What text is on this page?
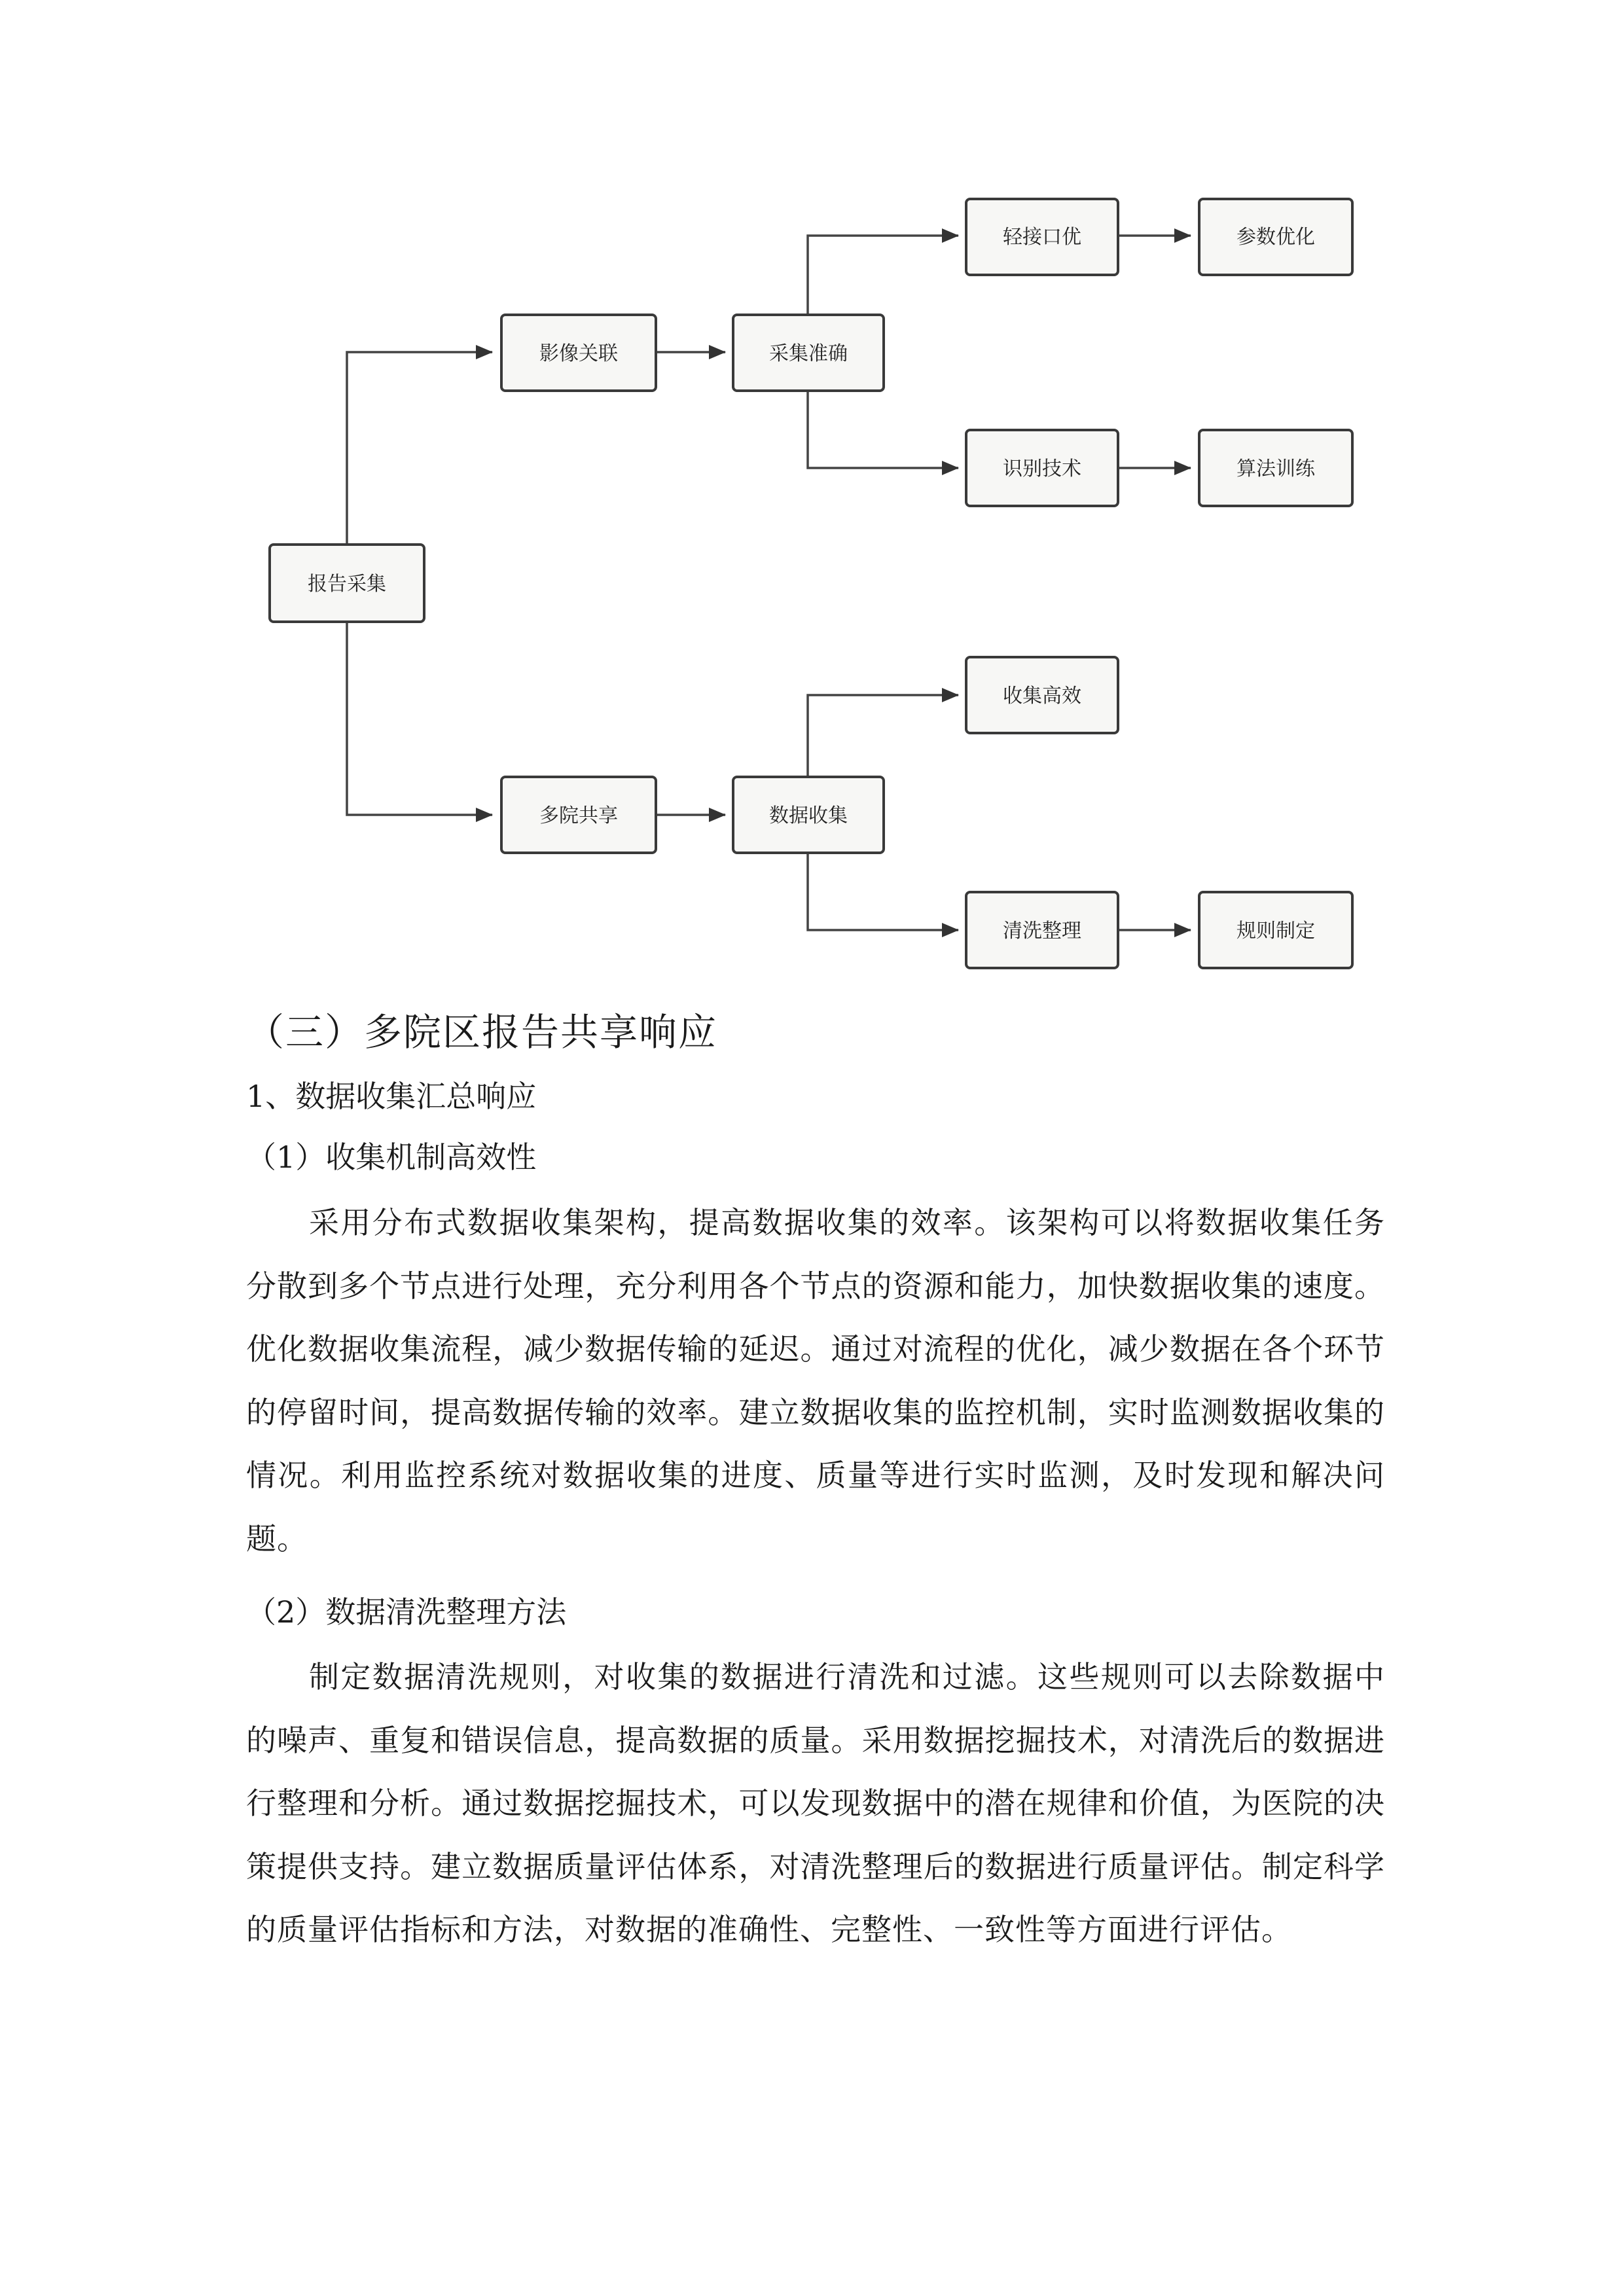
报告采集
影像关联	采集准确
轻接口优	参数优化
识别技术	算法训练
多院共享	数据收集
收集高效
清洗整理	规则制定
（三）多院区报告共享响应
1、数据收集汇总响应
（1）收集机制高效性
采用分布式数据收集架构，提高数据收集的效率。该架构可以将数据收集任务分散到多个节点进行处理，充分利用各个节点的资源和能力，加快数据收集的速度。优化数据收集流程，减少数据传输的延迟。通过对流程的优化，减少数据在各个环节的停留时间，提高数据传输的效率。建立数据收集的监控机制，实时监测数据收集的情况。利用监控系统对数据收集的进度、质量等进行实时监测，及时发现和解决问题。
（2）数据清洗整理方法
制定数据清洗规则，对收集的数据进行清洗和过滤。这些规则可以去除数据中的噪声、重复和错误信息，提高数据的质量。采用数据挖掘技术，对清洗后的数据进行整理和分析。通过数据挖掘技术，可以发现数据中的潜在规律和价值，为医院的决策提供支持。建立数据质量评估体系，对清洗整理后的数据进行质量评估。制定科学的质量评估指标和方法，对数据的准确性、完整性、一致性等方面进行评估。
